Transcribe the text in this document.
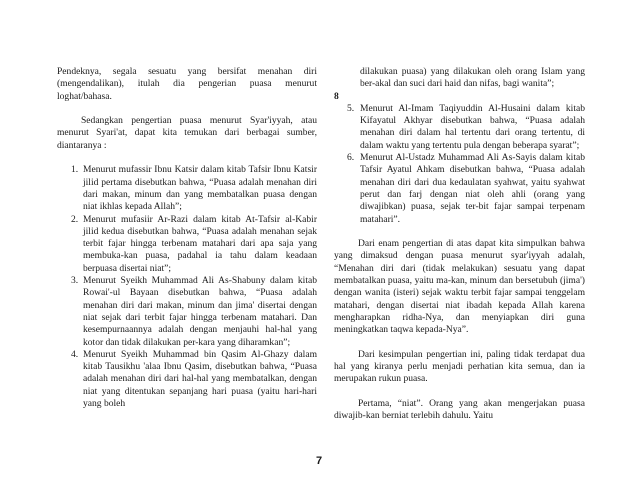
Pendeknya, segala sesuatu yang bersifat menahan diri (mengendalikan), itulah dia pengerian puasa menurut loghat/bahasa.

Sedangkan pengertian puasa menurut Syar'iyyah, atau menurut Syari'at, dapat kita temukan dari berbagai sumber, diantaranya :

1. Menurut mufassir Ibnu Katsir dalam kitab Tafsir Ibnu Katsir jilid pertama disebutkan bahwa, “Puasa adalah menahan diri dari makan, minum dan yang membatalkan puasa dengan niat ikhlas kepada Allah”;
2. Menurut mufasiir Ar-Razi dalam kitab At-Tafsir al-Kabir jilid kedua disebutkan bahwa, “Puasa adalah menahan sejak terbit fajar hingga terbenam matahari dari apa saja yang membuka-kan puasa, padahal ia tahu dalam keadaan berpuasa disertai niat”;
3. Menurut Syeikh Muhammad Ali As-Shabuny dalam kitab Rowai'-ul Bayaan disebutkan bahwa, “Puasa adalah menahan diri dari makan, minum dan jima' disertai dengan niat sejak dari terbit fajar hingga terbenam matahari. Dan kesempurnaannya adalah dengan menjauhi hal-hal yang kotor dan tidak dilakukan per-kara yang diharamkan”;
4. Menurut Syeikh Muhammad bin Qasim Al-Ghazy dalam kitab Tausikhu 'alaa Ibnu Qasim, disebutkan bahwa, “Puasa adalah menahan diri dari hal-hal yang membatalkan, dengan niat yang ditentukan sepanjang hari puasa (yaitu hari-hari yang boleh

dilakukan puasa) yang dilakukan oleh orang Islam yang ber-akal dan suci dari haid dan nifas, bagi wanita”;

8

5. Menurut Al-Imam Taqiyuddin Al-Husaini dalam kitab Kifayatul Akhyar disebutkan bahwa, “Puasa adalah menahan diri dalam hal tertentu dari orang tertentu, di dalam waktu yang tertentu pula dengan beberapa syarat”;
6. Menurut Al-Ustadz Muhammad Ali As-Sayis dalam kitab Tafsir Ayatul Ahkam disebutkan bahwa, “Puasa adalah menahan diri dari dua kedaulatan syahwat, yaitu syahwat perut dan farj dengan niat oleh ahli (orang yang diwajibkan) puasa, sejak ter-bit fajar sampai terpenam matahari”.

Dari enam pengertian di atas dapat kita simpulkan bahwa yang dimaksud dengan puasa menurut syar'iyyah adalah, “Menahan diri dari (tidak melakukan) sesuatu yang dapat membatalkan puasa, yaitu ma-kan, minum dan bersetubuh (jima') dengan wanita (isteri) sejak waktu terbit fajar sampai tenggelam matahari, dengan disertai niat ibadah kepada Allah karena mengharapkan ridha-Nya, dan menyiapkan diri guna meningkatkan taqwa kepada-Nya”.

Dari kesimpulan pengertian ini, paling tidak terdapat dua hal yang kiranya perlu menjadi perhatian kita semua, dan ia merupakan rukun puasa.

Pertama, “niat”. Orang yang akan mengerjakan puasa diwajib-kan berniat terlebih dahulu. Yaitu

7
